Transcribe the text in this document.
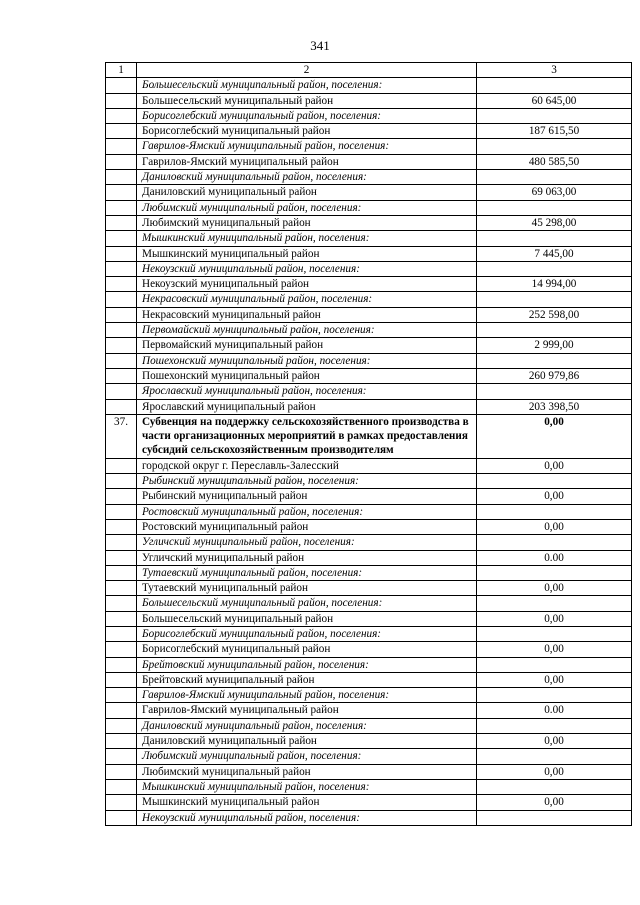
341
1	2	3
	Большесельский муниципальный район, поселения:	
	Большесельский муниципальный район	60 645,00
	Борисоглебский муниципальный район, поселения:	
	Борисоглебский муниципальный район	187 615,50
	Гаврилов-Ямский муниципальный район, поселения:	
	Гаврилов-Ямский муниципальный район	480 585,50
	Даниловский муниципальный район, поселения:	
	Даниловский муниципальный район	69 063,00
	Любимский муниципальный район, поселения:	
	Любимский муниципальный район	45 298,00
	Мышкинский муниципальный район, поселения:	
	Мышкинский муниципальный район	7 445,00
	Некоузский муниципальный район, поселения:	
	Некоузский муниципальный район	14 994,00
	Некрасовский муниципальный район, поселения:	
	Некрасовский муниципальный район	252 598,00
	Первомайский муниципальный район, поселения:	
	Первомайский муниципальный район	2 999,00
	Пошехонский муниципальный район, поселения:	
	Пошехонский муниципальный район	260 979,86
	Ярославский муниципальный район, поселения:	
	Ярославский муниципальный район	203 398,50
37.	Субвенция на поддержку сельскохозяйственного производства в части организационных мероприятий в рамках предоставления субсидий сельскохозяйственным производителям	0,00
	городской округ г. Переславль-Залесский	0,00
	Рыбинский муниципальный район, поселения:	
	Рыбинский муниципальный район	0,00
	Ростовский муниципальный район, поселения:	
	Ростовский муниципальный район	0,00
	Угличский муниципальный район, поселения:	
	Угличский муниципальный район	0.00
	Тутаевский муниципальный район, поселения:	
	Тутаевский муниципальный район	0,00
	Большесельский муниципальный район, поселения:	
	Большесельский муниципальный район	0,00
	Борисоглебский муниципальный район, поселения:	
	Борисоглебский муниципальный район	0,00
	Брейтовский муниципальный район, поселения:	
	Брейтовский муниципальный район	0,00
	Гаврилов-Ямский муниципальный район, поселения:	
	Гаврилов-Ямский муниципальный район	0.00
	Даниловский муниципальный район, поселения:	
	Даниловский муниципальный район	0,00
	Любимский муниципальный район, поселения:	
	Любимский муниципальный район	0,00
	Мышкинский муниципальный район, поселения:	
	Мышкинский муниципальный район	0,00
	Некоузский муниципальный район, поселения:	
